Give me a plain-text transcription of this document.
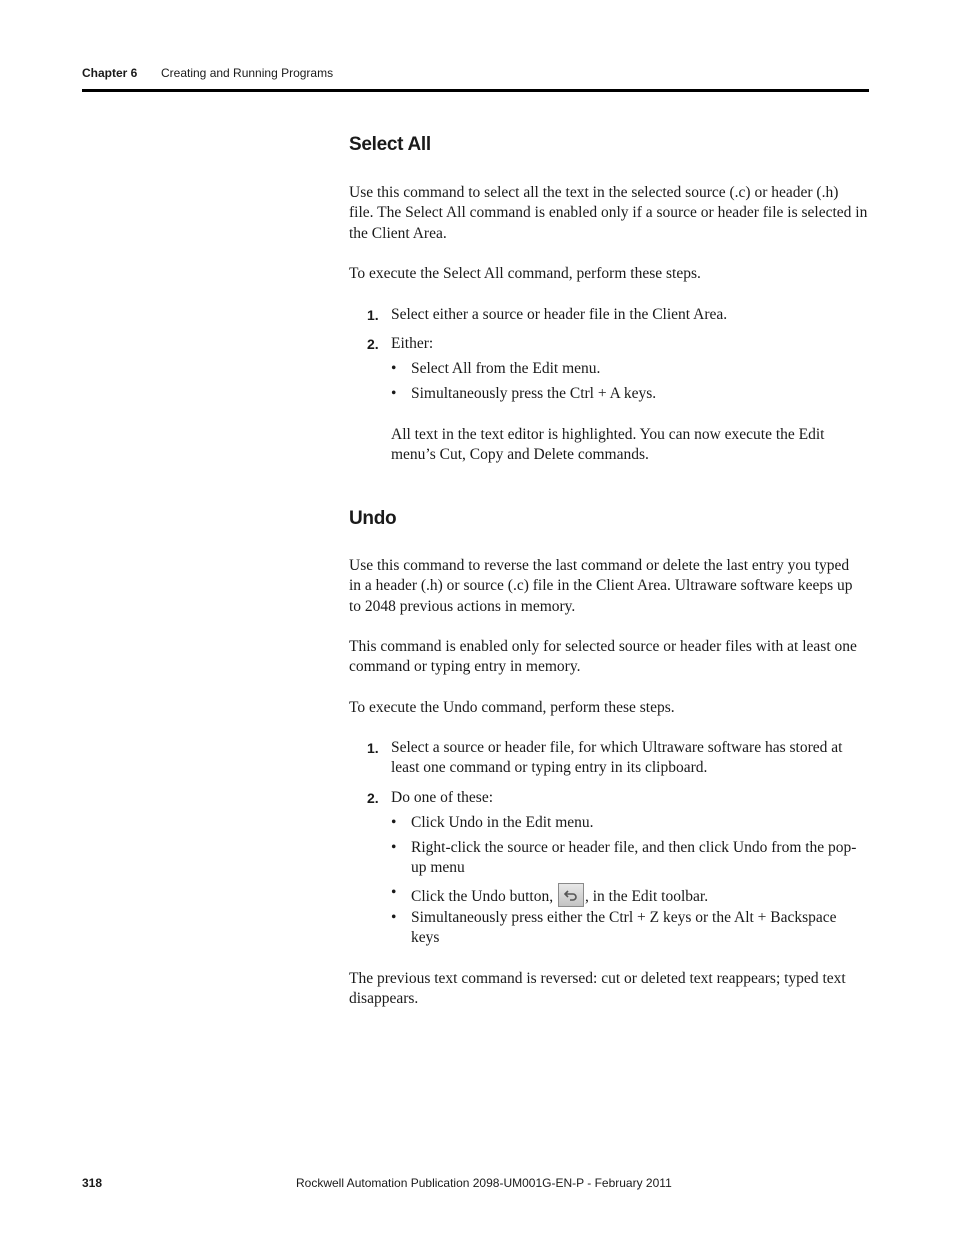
Chapter 6 Creating and Running Programs
Select All
Use this command to select all the text in the selected source (.c) or header (.h)
file. The Select All command is enabled only if a source or header file is selected in
the Client Area.
To execute the Select All command, perform these steps.
1. Select either a source or header file in the Client Area.
2. Either:
• Select All from the Edit menu.
• Simultaneously press the Ctrl + A keys.
All text in the text editor is highlighted. You can now execute the Edit
menu’s Cut, Copy and Delete commands.
Undo
Use this command to reverse the last command or delete the last entry you typed
in a header (.h) or source (.c) file in the Client Area. Ultraware software keeps up
to 2048 previous actions in memory.
This command is enabled only for selected source or header files with at least one
command or typing entry in memory.
To execute the Undo command, perform these steps.
1. Select a source or header file, for which Ultraware software has stored at
least one command or typing entry in its clipboard.
2. Do one of these:
• Click Undo in the Edit menu.
• Right-click the source or header file, and then click Undo from the pop-
up menu
• Click the Undo button, , in the Edit toolbar.
• Simultaneously press either the Ctrl + Z keys or the Alt + Backspace
keys
The previous text command is reversed: cut or deleted text reappears; typed text
disappears.
318	Rockwell Automation Publication 2098-UM001G-EN-P - February 2011
